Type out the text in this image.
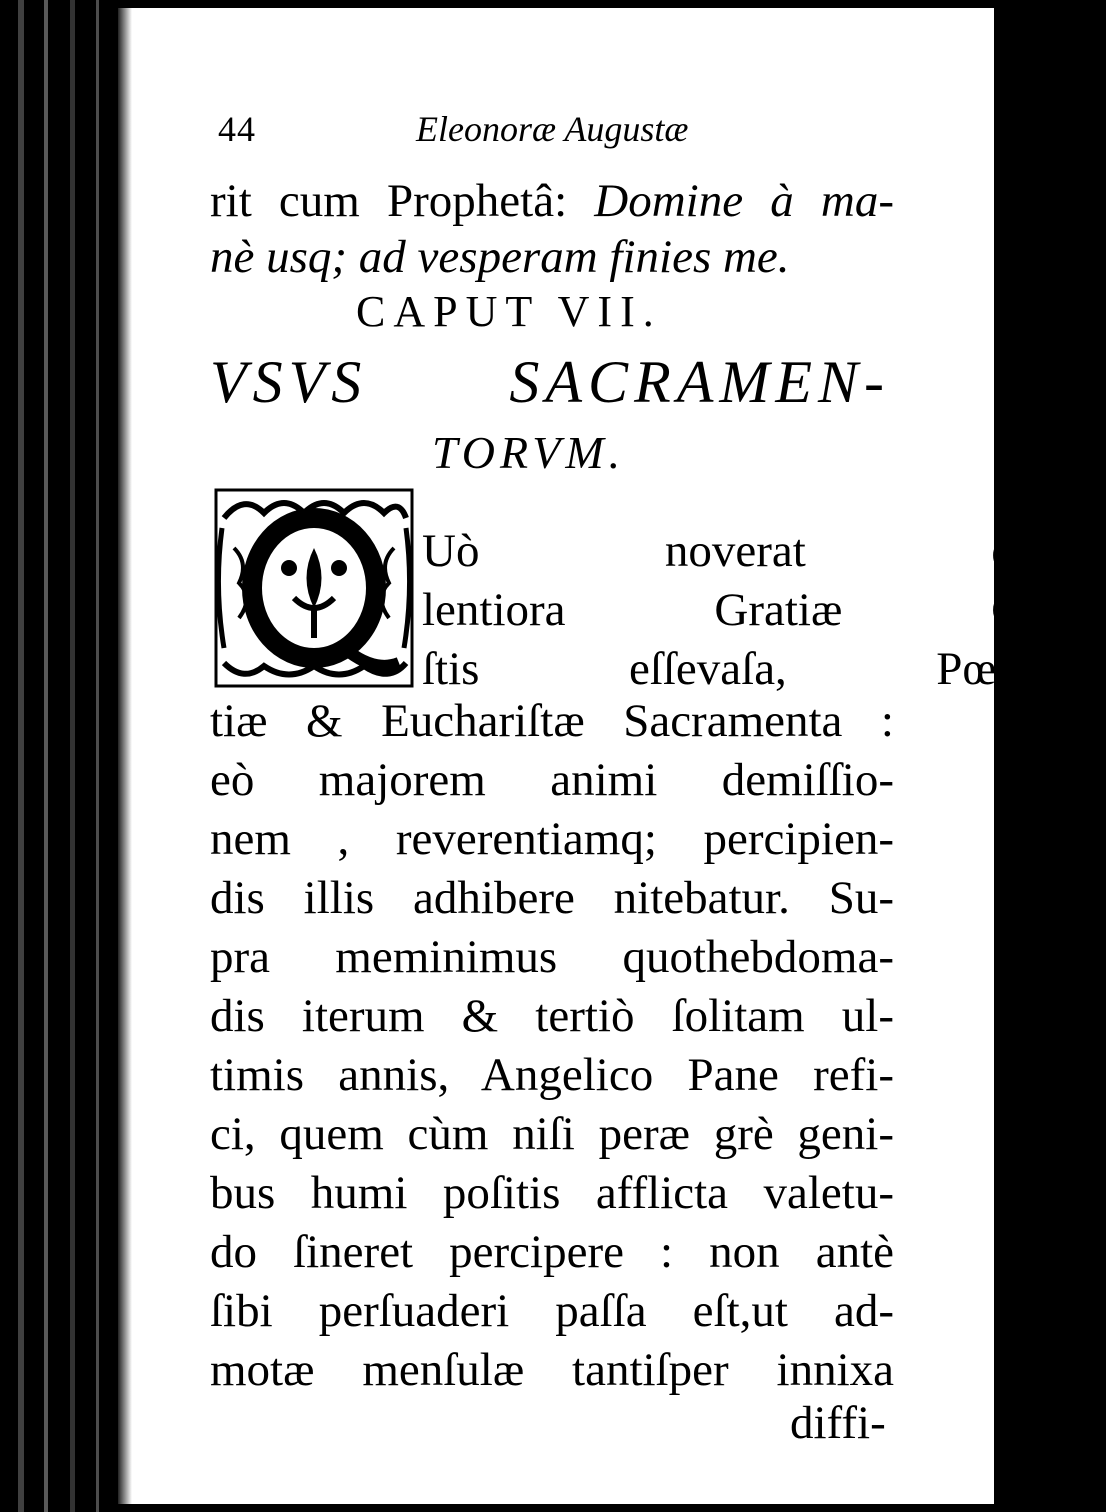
44	Eleonoræ Augustæ
rit cum Prophetâ: Domine à ma-
nè usq; ad vesperam finies me.
CAPUT VII.
VSVS SACRAMEN-
TORVM.
Uò noverat excel-
lentiora Gratiæ Cœle-
ſtis eſſevaſa, Pœniten-
tiæ & Euchariſtæ Sacramenta :
eò majorem animi demiſſio-
nem , reverentiamq; percipien-
dis illis adhibere nitebatur. Su-
pra meminimus quothebdoma-
dis iterum & tertiò ſolitam ul-
timis annis, Angelico Pane refi-
ci, quem cùm niſi peræ grè geni-
bus humi poſitis afflicta valetu-
do ſineret percipere : non antè
ſibi perſuaderi paſſa eſt,ut ad-
motæ menſulæ tantiſper innixa
diffi-
